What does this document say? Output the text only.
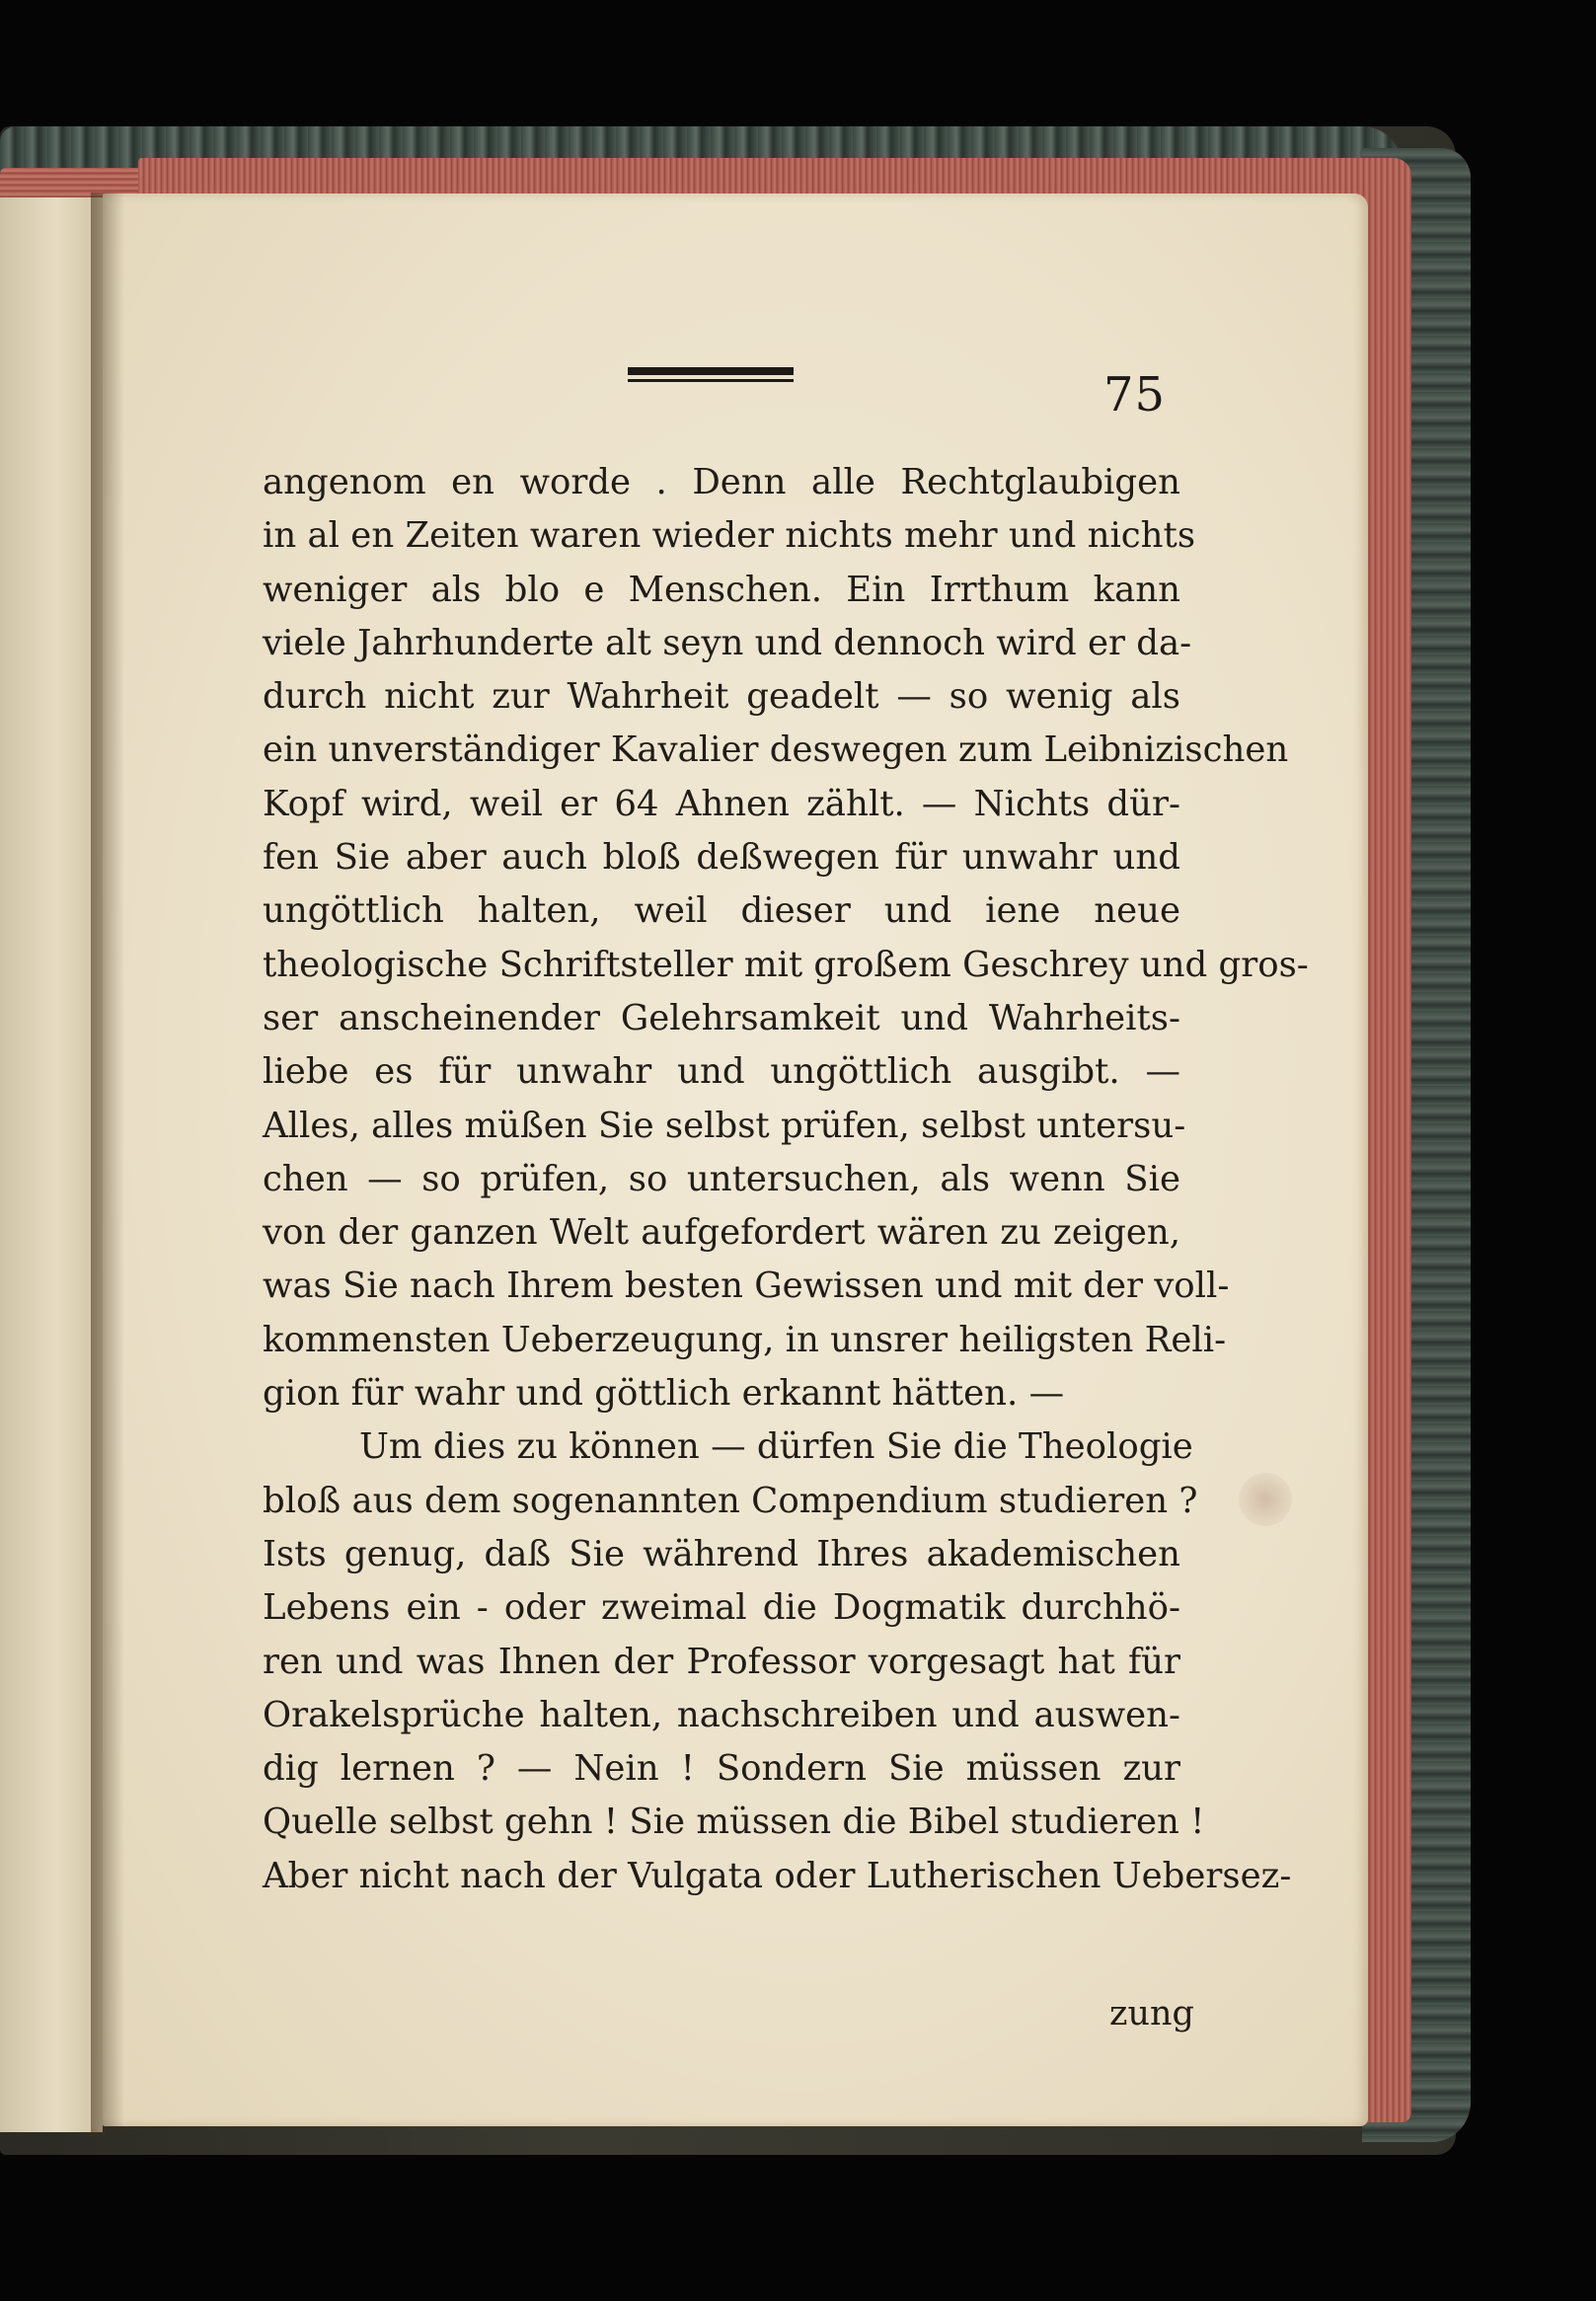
75
angenom en worde . Denn alle Rechtglaubigen
in al en Zeiten waren wieder nichts mehr und nichts
weniger als blo e Menschen. Ein Irrthum kann
viele Jahrhunderte alt seyn und dennoch wird er da-
durch nicht zur Wahrheit geadelt — so wenig als
ein unverständiger Kavalier deswegen zum Leibnizischen
Kopf wird, weil er 64 Ahnen zählt. — Nichts dür-
fen Sie aber auch bloß deßwegen für unwahr und
ungöttlich halten, weil dieser und iene neue
theologische Schriftsteller mit großem Geschrey und gros-
ser anscheinender Gelehrsamkeit und Wahrheits-
liebe es für unwahr und ungöttlich ausgibt. —
Alles, alles müßen Sie selbst prüfen, selbst untersu-
chen — so prüfen, so untersuchen, als wenn Sie
von der ganzen Welt aufgefordert wären zu zeigen,
was Sie nach Ihrem besten Gewissen und mit der voll-
kommensten Ueberzeugung, in unsrer heiligsten Reli-
gion für wahr und göttlich erkannt hätten. —
Um dies zu können — dürfen Sie die Theologie
bloß aus dem sogenannten Compendium studieren ?
Ists genug, daß Sie während Ihres akademischen
Lebens ein - oder zweimal die Dogmatik durchhö-
ren und was Ihnen der Professor vorgesagt hat für
Orakelsprüche halten, nachschreiben und auswen-
dig lernen ? — Nein ! Sondern Sie müssen zur
Quelle selbst gehn ! Sie müssen die Bibel studieren !
Aber nicht nach der Vulgata oder Lutherischen Uebersez-
zung
